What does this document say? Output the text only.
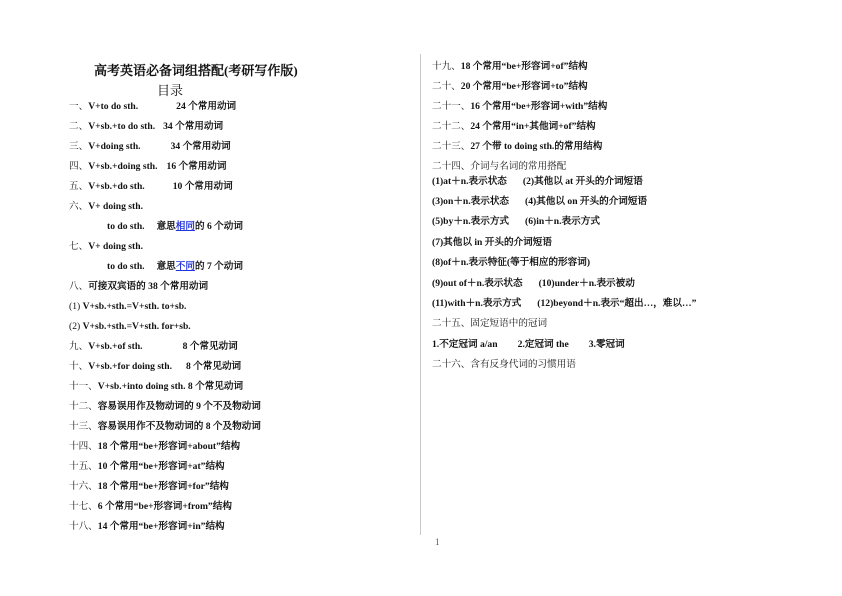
高考英语必备词组搭配(考研写作版)
目录
一、V+to do sth.	24 个常用动词
二、V+sb.+to do sth. 34 个常用动词
三、V+doing sth.	34 个常用动词
四、V+sb.+doing sth. 16 个常用动词
五、V+sb.+do sth.	10 个常用动词
六、V+ doing sth.
to do sth. 意思相同的 6 个动词
七、V+ doing sth.
to do sth. 意思不同的 7 个动词
八、可接双宾语的 38 个常用动词
(1) V+sb.+sth.=V+sth. to+sb.
(2) V+sb.+sth.=V+sth. for+sb.
九、V+sb.+of sth.	8 个常见动词
十、V+sb.+for doing sth. 8 个常见动词
十一、V+sb.+into doing sth. 8 个常见动词
十二、容易误用作及物动词的 9 个不及物动词
十三、容易误用作不及物动词的 8 个及物动词
十四、18 个常用“be+形容词+about”结构
十五、10 个常用“be+形容词+at”结构
十六、18 个常用“be+形容词+for”结构
十七、6 个常用“be+形容词+from”结构
十八、14 个常用“be+形容词+in”结构
十九、18 个常用“be+形容词+of”结构
二十、20 个常用“be+形容词+to”结构
二十一、16 个常用“be+形容词+with”结构
二十二、24 个常用“in+其他词+of”结构
二十三、27 个带 to doing sth.的常用结构
二十四、介词与名词的常用搭配
(1)at＋n.表示状态 (2)其他以 at 开头的介词短语
(3)on＋n.表示状态 (4)其他以 on 开头的介词短语
(5)by＋n.表示方式 (6)in＋n.表示方式
(7)其他以 in 开头的介词短语
(8)of＋n.表示特征(等于相应的形容词)
(9)out of＋n.表示状态 (10)under＋n.表示被动
(11)with＋n.表示方式 (12)beyond＋n.表示“超出…，难以…”
二十五、固定短语中的冠词
1.不定冠词 a/an 2.定冠词 the 3.零冠词
二十六、含有反身代词的习惯用语
1
